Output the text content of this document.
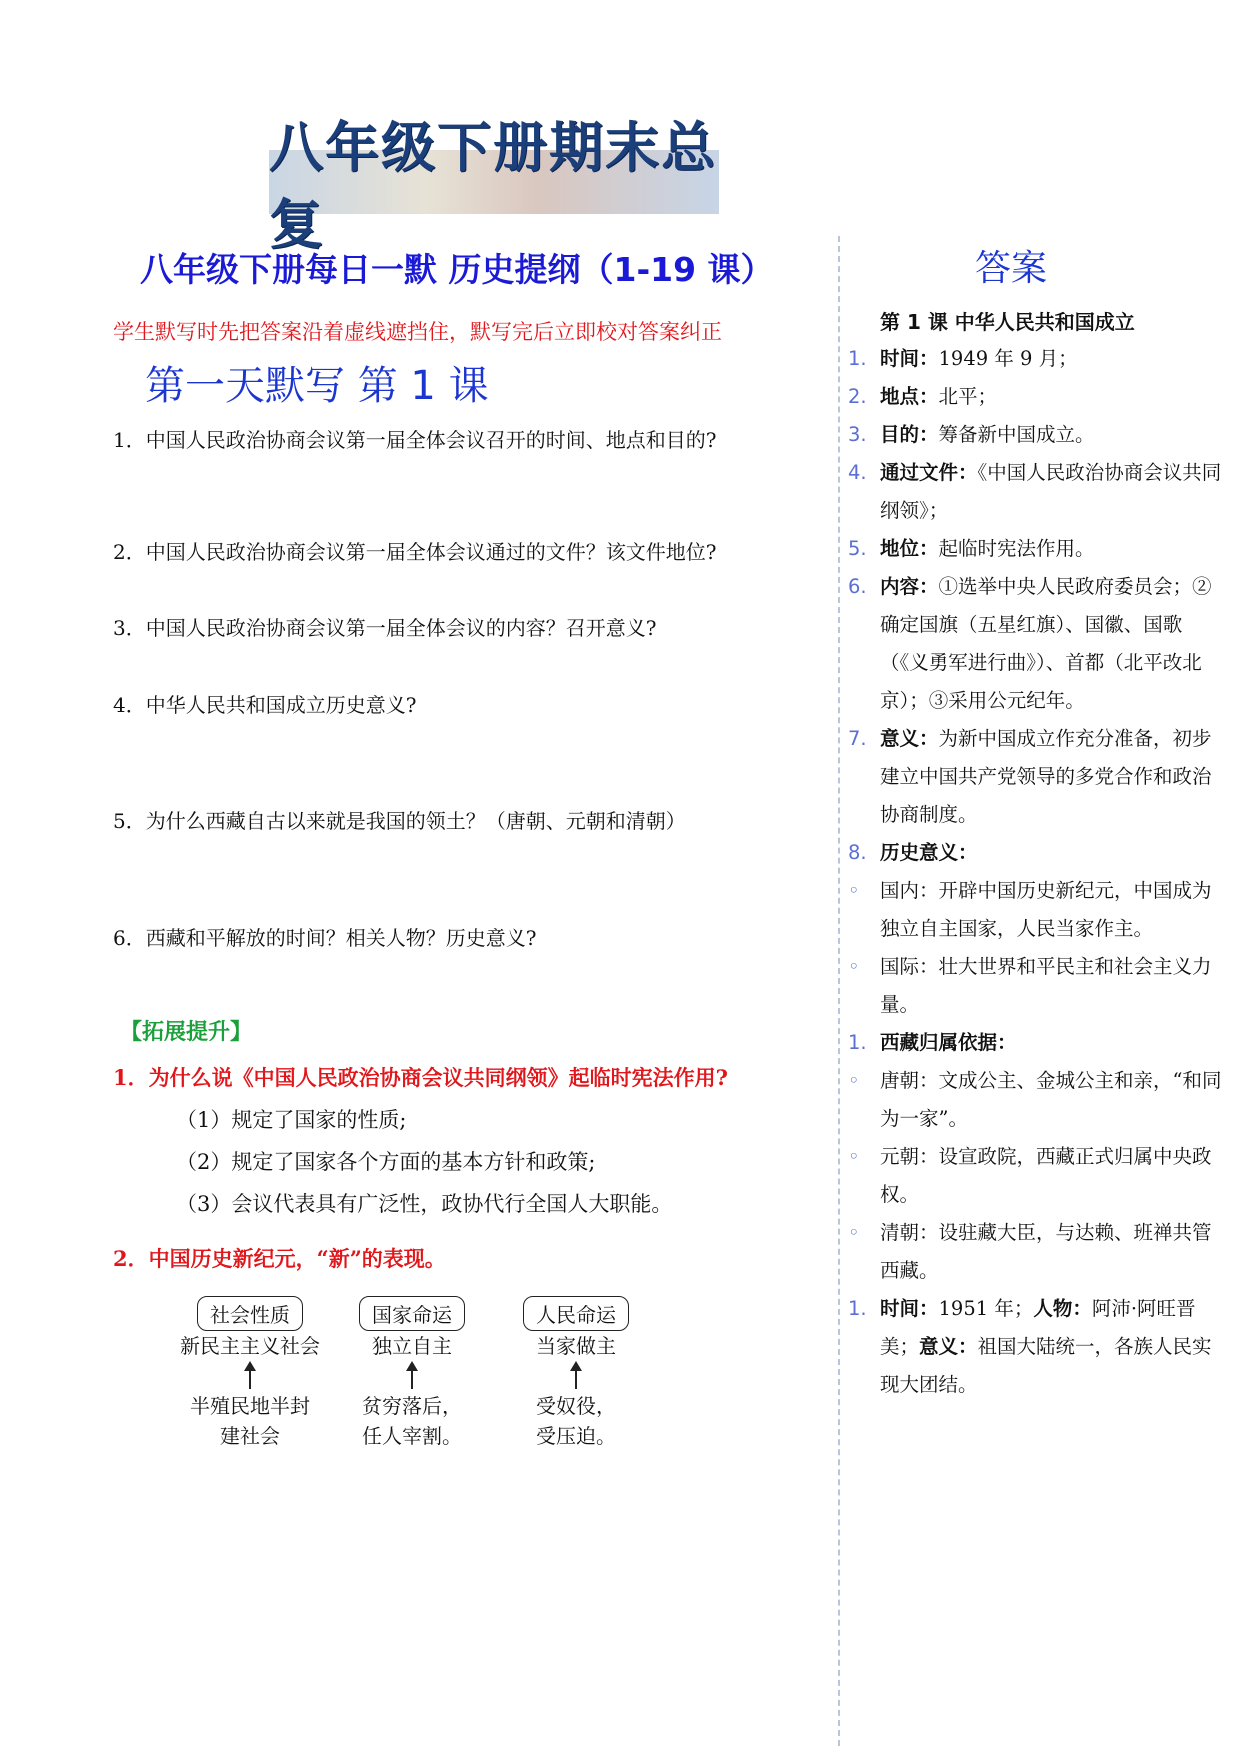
八年级下册期末总复
八年级下册每日一默 历史提纲（1-19 课）
学生默写时先把答案沿着虚线遮挡住，默写完后立即校对答案纠正
第一天默写 第 1 课
1．中国人民政治协商会议第一届全体会议召开的时间、地点和目的?
2．中国人民政治协商会议第一届全体会议通过的文件？该文件地位?
3．中国人民政治协商会议第一届全体会议的内容？召开意义?
4．中华人民共和国成立历史意义?
5．为什么西藏自古以来就是我国的领土？（唐朝、元朝和清朝）
6．西藏和平解放的时间？相关人物？历史意义?
【拓展提升】
1．为什么说《中国人民政治协商会议共同纲领》起临时宪法作用?
（1）规定了国家的性质;
（2）规定了国家各个方面的基本方针和政策;
（3）会议代表具有广泛性，政协代行全国人大职能。
2．中国历史新纪元，“新”的表现。
社会性质
新民主主义社会
半殖民地半封
建社会
国家命运
独立自主
贫穷落后，
任人宰割。
人民命运
当家做主
受奴役，
受压迫。
答案
第 1 课 中华人民共和国成立
1. 时间：1949 年 9 月；
2. 地点：北平；
3. 目的：筹备新中国成立。
4. 通过文件：《中国人民政治协商会议共同纲领》；
5. 地位：起临时宪法作用。
6. 内容：①选举中央人民政府委员会；②确定国旗（五星红旗）、国徽、国歌（《义勇军进行曲》）、首都（北平改北京）；③采用公元纪年。
7. 意义：为新中国成立作充分准备，初步建立中国共产党领导的多党合作和政治协商制度。
8. 历史意义：
◦	国内：开辟中国历史新纪元，中国成为独立自主国家，人民当家作主。
◦	国际：壮大世界和平民主和社会主义力量。
1. 西藏归属依据：
◦	唐朝：文成公主、金城公主和亲，“和同为一家”。
◦	元朝：设宣政院，西藏正式归属中央政权。
◦	清朝：设驻藏大臣，与达赖、班禅共管西藏。
1. 时间：1951 年；人物：阿沛·阿旺晋美；意义：祖国大陆统一，各族人民实现大团结。
